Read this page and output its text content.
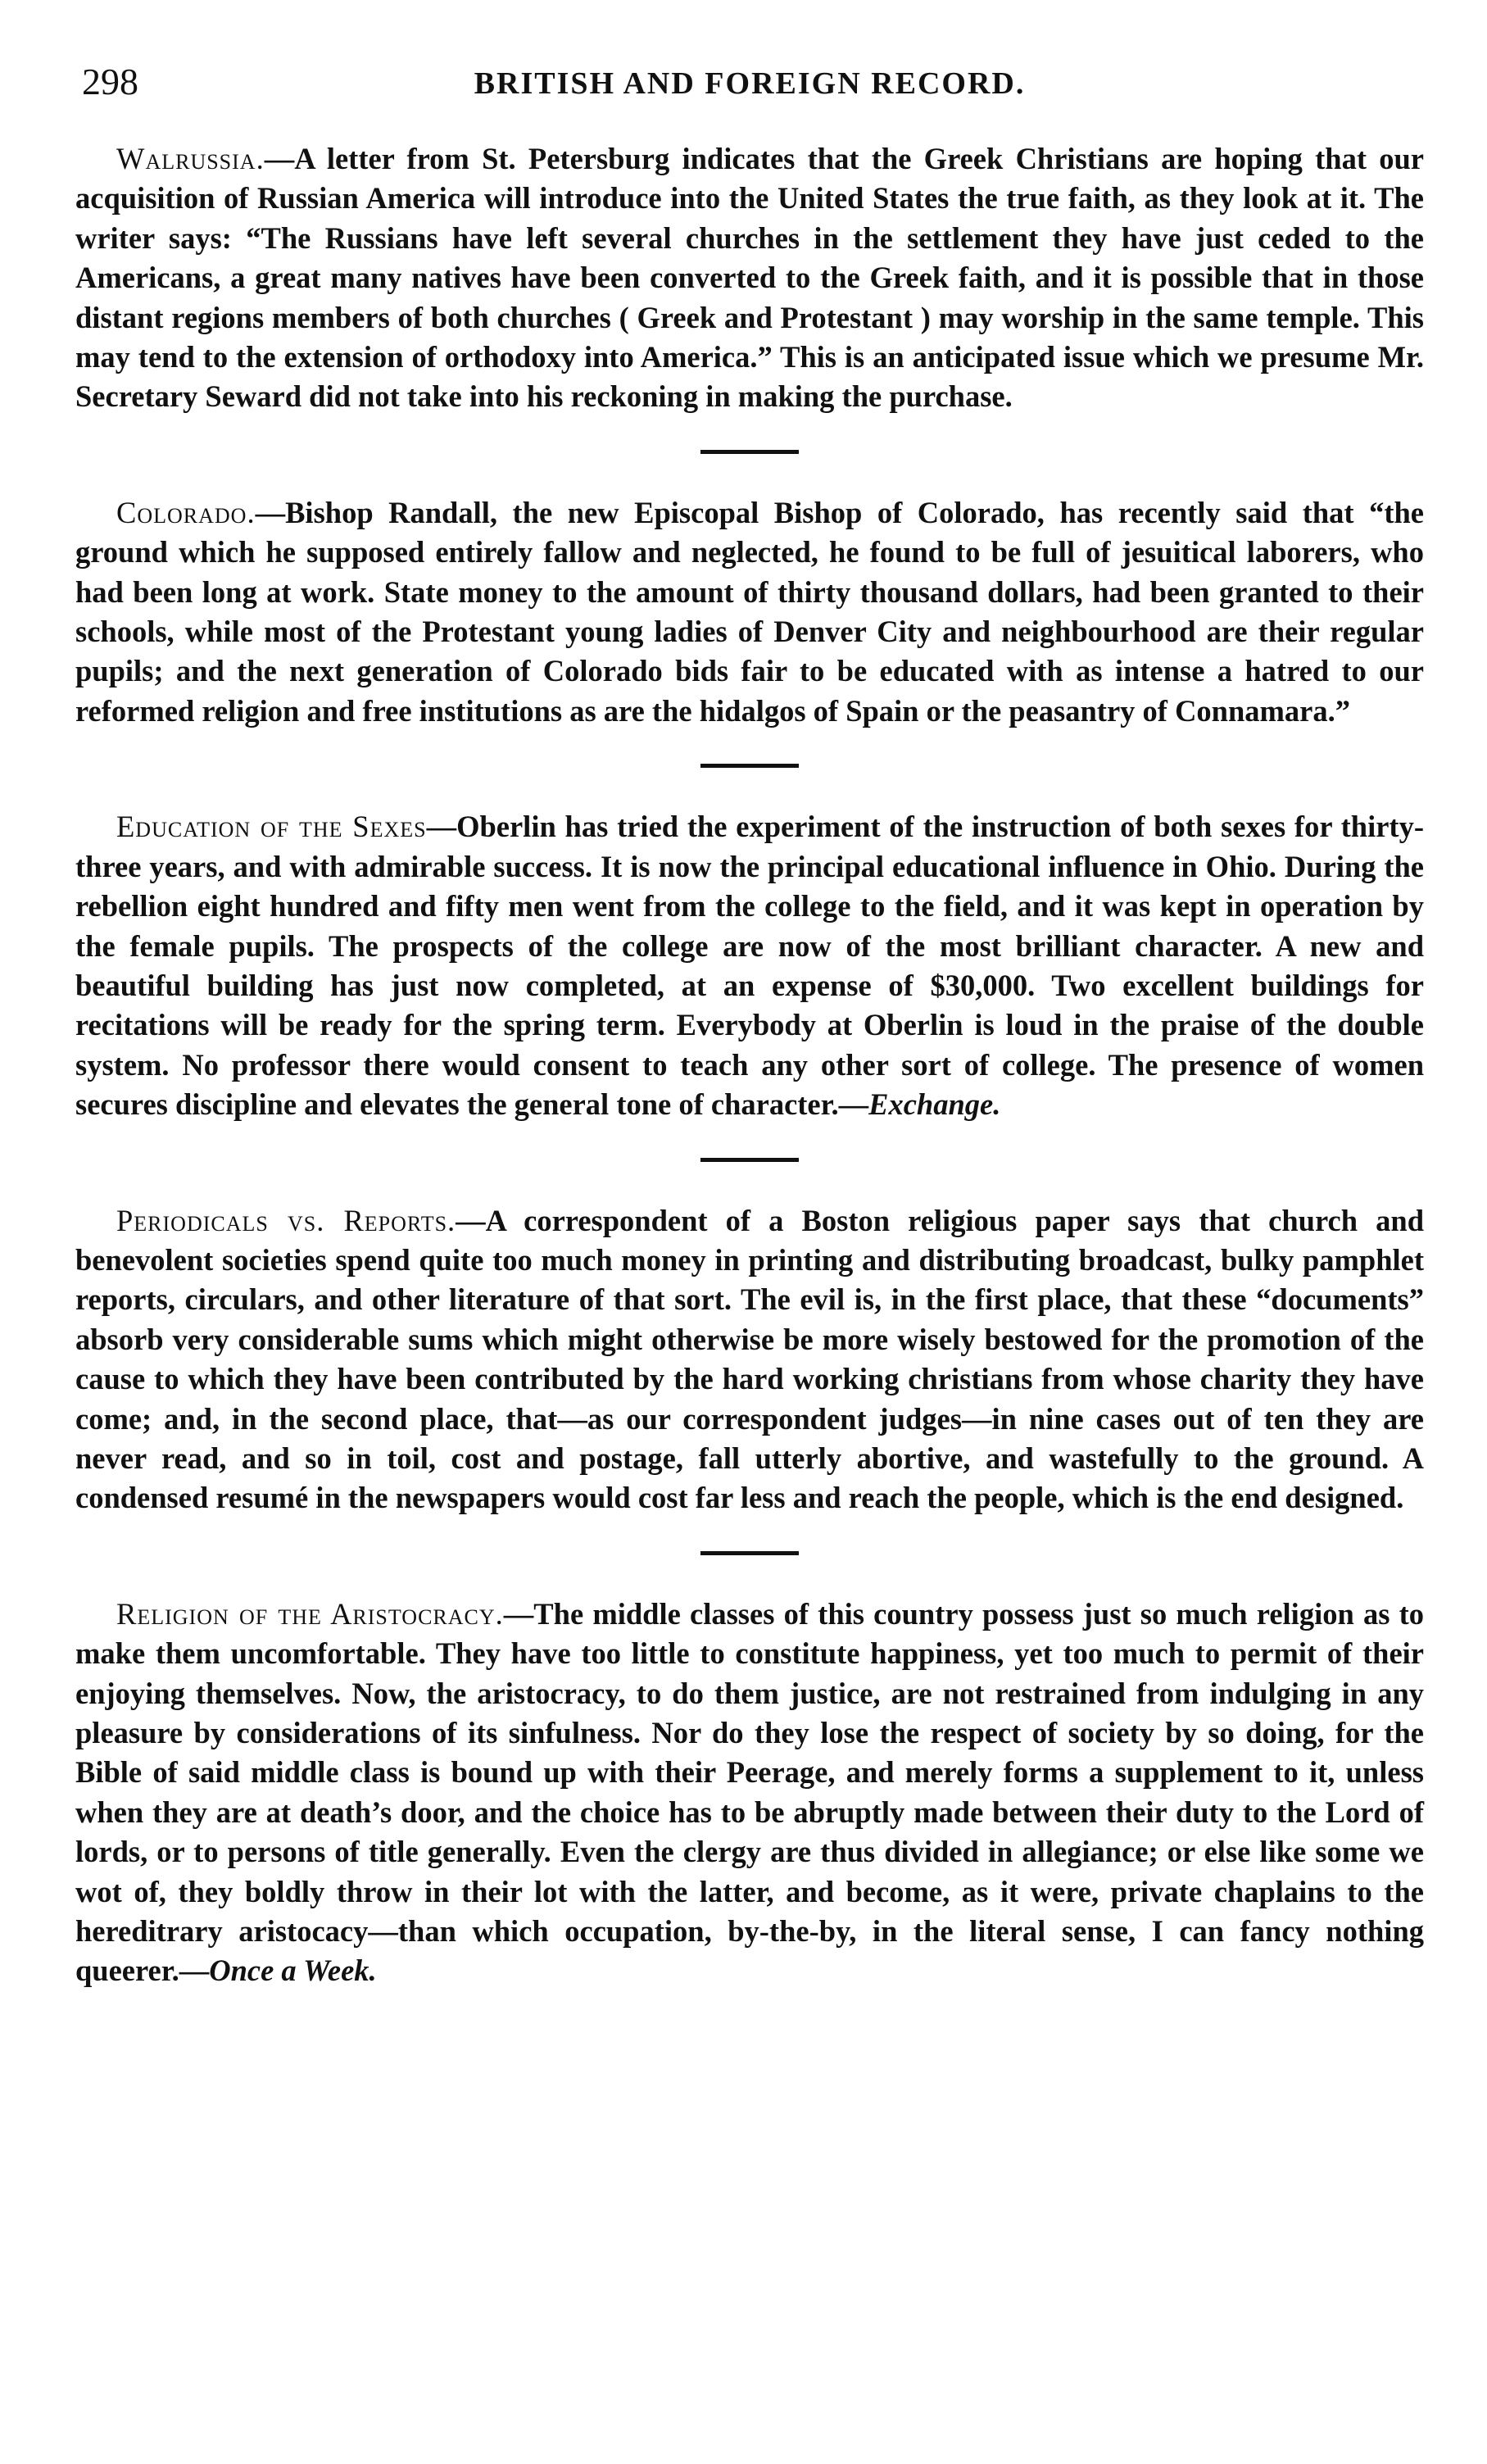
298	BRITISH AND FOREIGN RECORD.

Walrussia.—A letter from St. Petersburg indicates that the Greek Christians are hoping that our acquisition of Russian America will introduce into the United States the true faith, as they look at it. The writer says: “The Russians have left several churches in the settlement they have just ceded to the Americans, a great many natives have been converted to the Greek faith, and it is possible that in those distant regions members of both churches ( Greek and Protestant ) may worship in the same temple. This may tend to the extension of orthodoxy into America.” This is an anticipated issue which we presume Mr. Secretary Seward did not take into his reckoning in making the purchase.

Colorado.—Bishop Randall, the new Episcopal Bishop of Colorado, has recently said that “the ground which he supposed entirely fallow and neglected, he found to be full of jesuitical laborers, who had been long at work. State money to the amount of thirty thousand dollars, had been granted to their schools, while most of the Protestant young ladies of Denver City and neighbourhood are their regular pupils; and the next generation of Colorado bids fair to be educated with as intense a hatred to our reformed religion and free institutions as are the hidalgos of Spain or the peasantry of Connamara.”

Education of the Sexes—Oberlin has tried the experiment of the instruction of both sexes for thirty-three years, and with admirable success. It is now the principal educational influence in Ohio. During the rebellion eight hundred and fifty men went from the college to the field, and it was kept in operation by the female pupils. The prospects of the college are now of the most brilliant character. A new and beautiful building has just now completed, at an expense of $30,000. Two excellent buildings for recitations will be ready for the spring term. Everybody at Oberlin is loud in the praise of the double system. No professor there would consent to teach any other sort of college. The presence of women secures discipline and elevates the general tone of character.—Exchange.

Periodicals vs. Reports.—A correspondent of a Boston religious paper says that church and benevolent societies spend quite too much money in printing and distributing broadcast, bulky pamphlet reports, circulars, and other literature of that sort. The evil is, in the first place, that these “documents” absorb very considerable sums which might otherwise be more wisely bestowed for the promotion of the cause to which they have been contributed by the hard working christians from whose charity they have come; and, in the second place, that—as our correspondent judges—in nine cases out of ten they are never read, and so in toil, cost and postage, fall utterly abortive, and wastefully to the ground. A condensed resumé in the newspapers would cost far less and reach the people, which is the end designed.

Religion of the Aristocracy.—The middle classes of this country possess just so much religion as to make them uncomfortable. They have too little to constitute happiness, yet too much to permit of their enjoying themselves. Now, the aristocracy, to do them justice, are not restrained from indulging in any pleasure by considerations of its sinfulness. Nor do they lose the respect of society by so doing, for the Bible of said middle class is bound up with their Peerage, and merely forms a supplement to it, unless when they are at death’s door, and the choice has to be abruptly made between their duty to the Lord of lords, or to persons of title generally. Even the clergy are thus divided in allegiance; or else like some we wot of, they boldly throw in their lot with the latter, and become, as it were, private chaplains to the hereditrary aristocacy—than which occupation, by-the-by, in the literal sense, I can fancy nothing queerer.—Once a Week.
